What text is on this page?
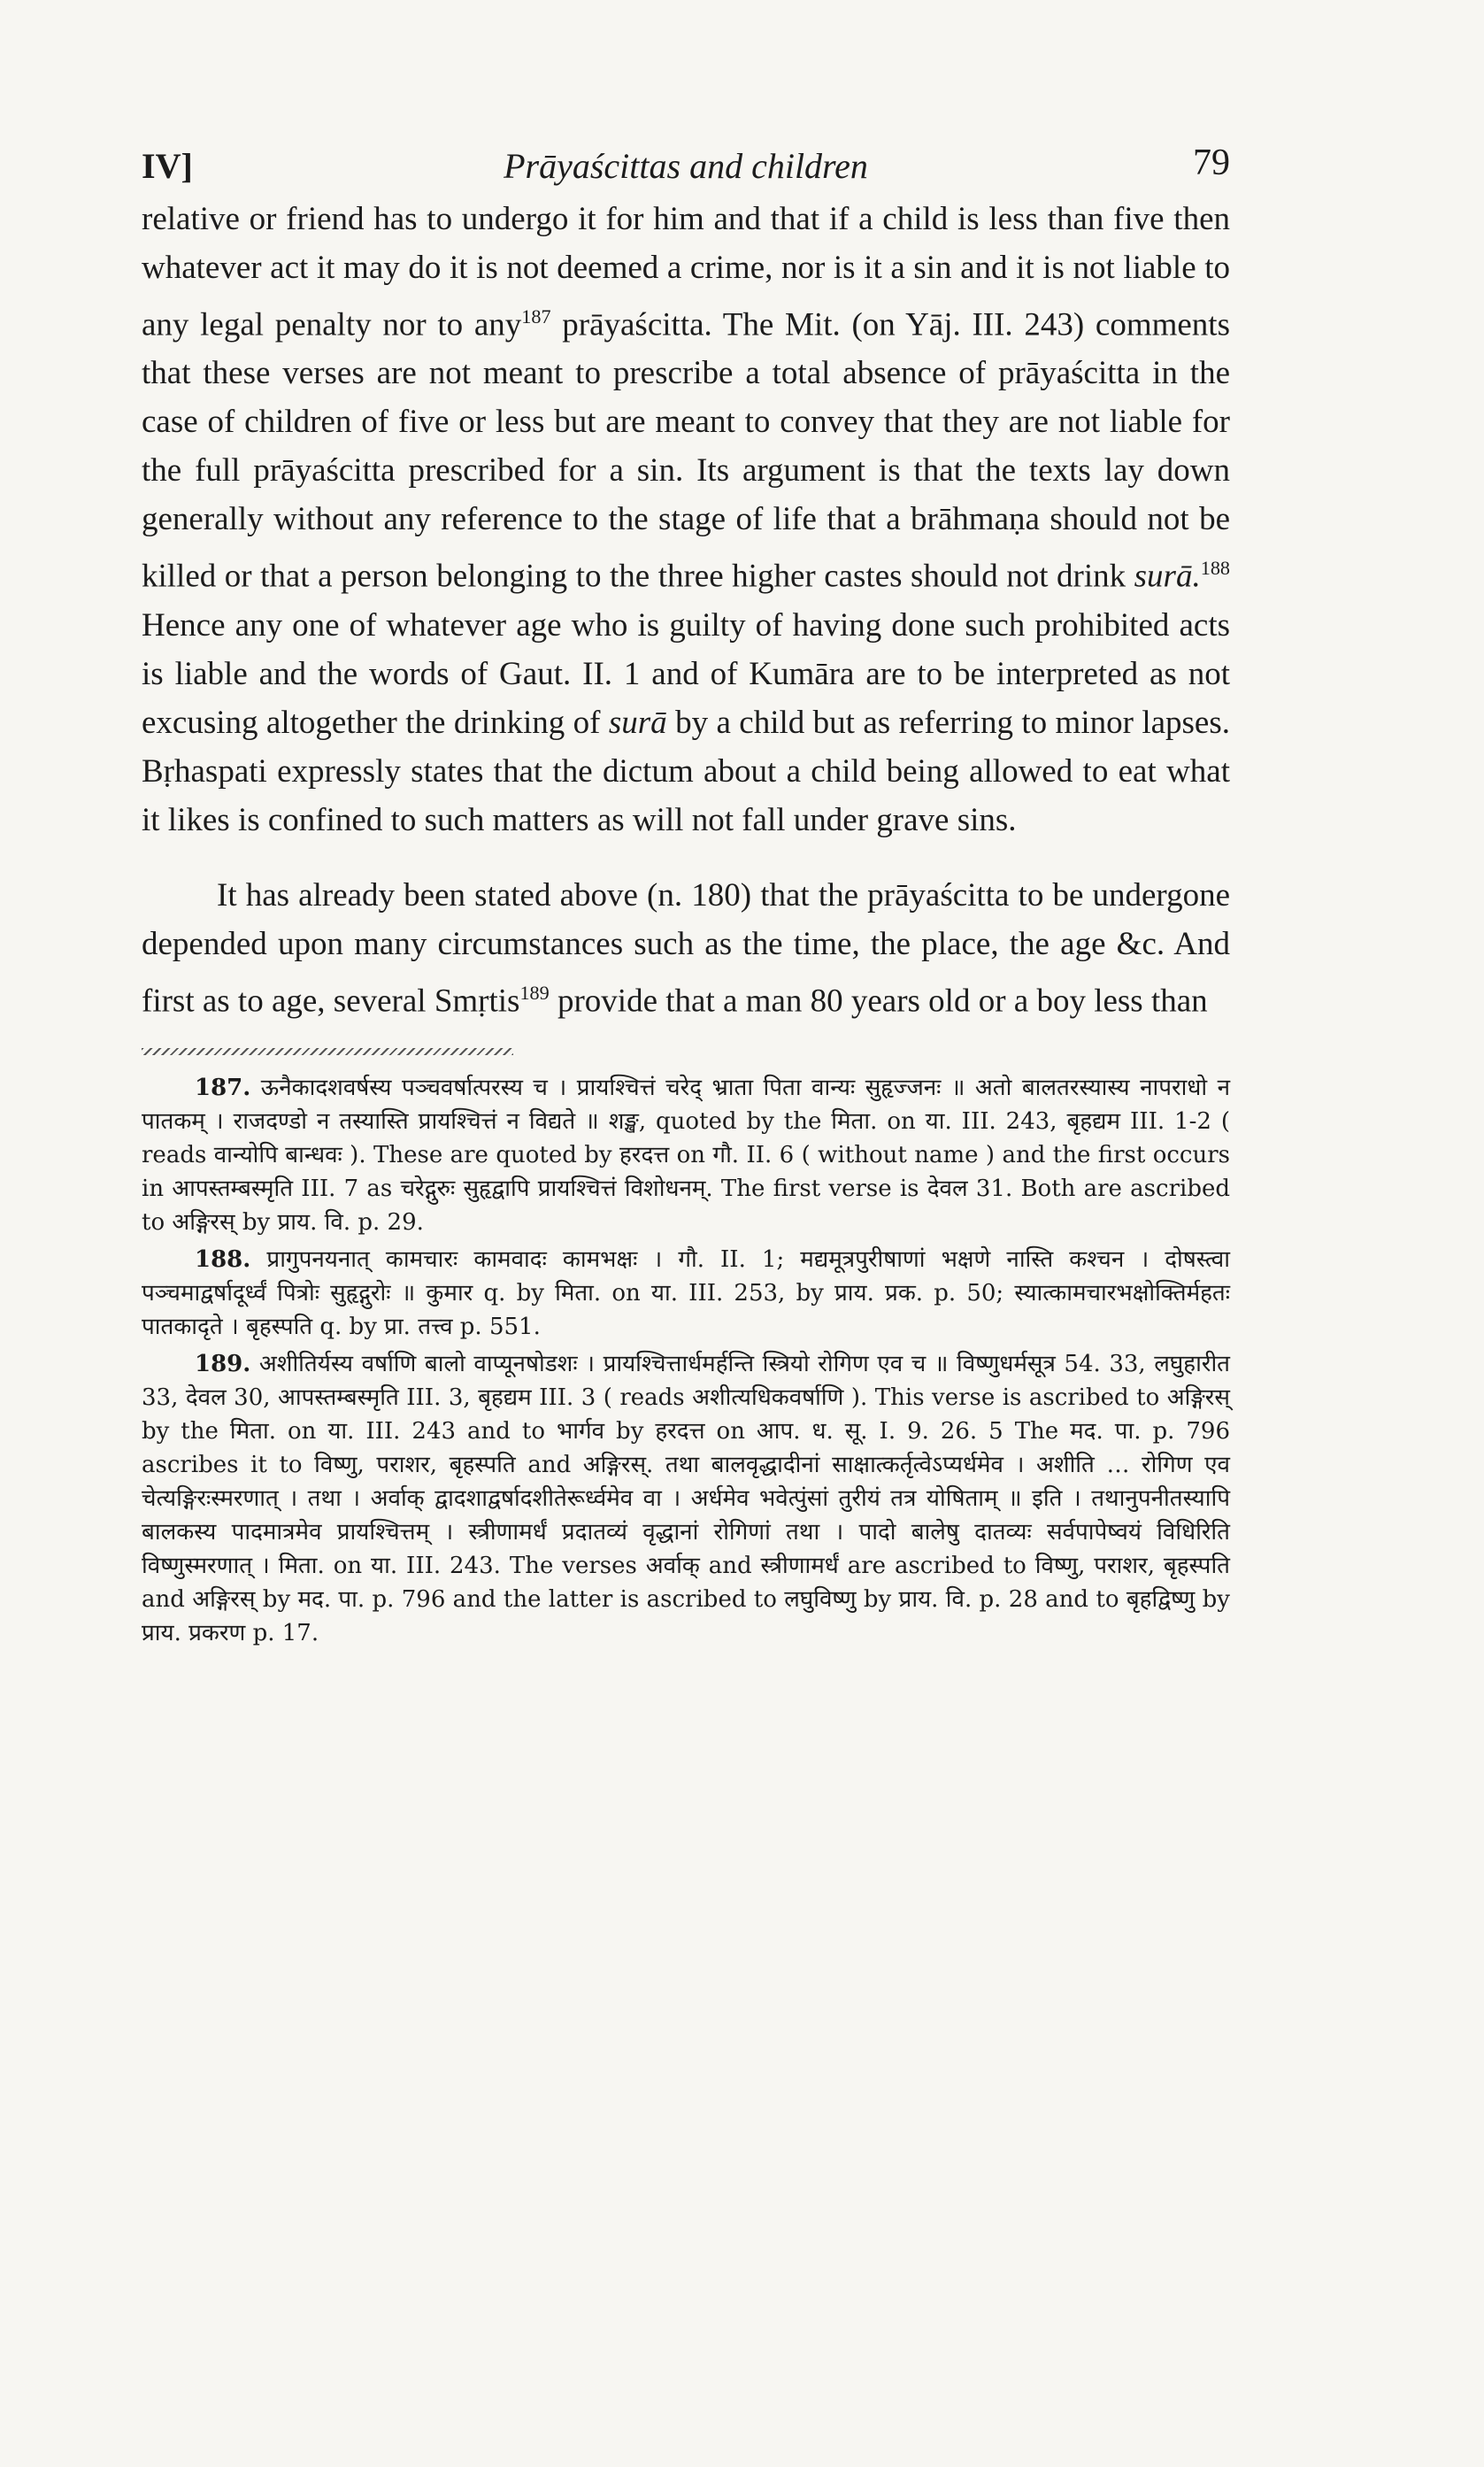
IV]	Prāyaścittas and children	79

relative or friend has to undergo it for him and that if a child is less than five then whatever act it may do it is not deemed a crime, nor is it a sin and it is not liable to any legal penalty nor to any$^{187}$ prāyaścitta. The Mit. (on Yāj. III. 243) comments that these verses are not meant to prescribe a total absence of prāyaścitta in the case of children of five or less but are meant to convey that they are not liable for the full prāyaścitta prescribed for a sin. Its argument is that the texts lay down generally without any reference to the stage of life that a brāhmaṇa should not be killed or that a person belonging to the three higher castes should not drink surā.$^{188}$ Hence any one of whatever age who is guilty of having done such prohibited acts is liable and the words of Gaut. II. 1 and of Kumāra are to be interpreted as not excusing altogether the drinking of surā by a child but as referring to minor lapses. Bṛhaspati expressly states that the dictum about a child being allowed to eat what it likes is confined to such matters as will not fall under grave sins.

It has already been stated above (n. 180) that the prāyaścitta to be undergone depended upon many circumstances such as the time, the place, the age &c. And first as to age, several Smṛtis$^{189}$ provide that a man 80 years old or a boy less than

187. ऊनैकादशवर्षस्य पञ्चवर्षात्परस्य च । प्रायश्चित्तं चरेद् भ्राता पिता वान्यः सुहृज्जनः ॥ अतो बालतरस्यास्य नापराधो न पातकम् । राजदण्डो न तस्यास्ति प्रायश्चित्तं न विद्यते ॥ शङ्ख, quoted by the मिता. on या. III. 243, बृहद्यम III. 1-2 ( reads वान्योपि बान्धवः ). These are quoted by हरदत्त on गौ. II. 6 ( without name ) and the first occurs in आपस्तम्बस्मृति III. 7 as चरेद्गुरुः सुहृद्वापि प्रायश्चित्तं विशोधनम्. The first verse is देवल 31. Both are ascribed to अङ्गिरस् by प्राय. वि. p. 29.

188. प्रागुपनयनात् कामचारः कामवादः कामभक्षः । गौ. II. 1; मद्यमूत्रपुरीषाणां भक्षणे नास्ति कश्चन । दोषस्त्वा पञ्चमाद्वर्षादूर्ध्वं पित्रोः सुहृद्गुरोः ॥ कुमार q. by मिता. on या. III. 253, by प्राय. प्रक. p. 50; स्यात्कामचारभक्षोक्तिर्महतः पातकादृते । बृहस्पति q. by प्रा. तत्त्व p. 551.

189. अशीतिर्यस्य वर्षाणि बालो वाप्यूनषोडशः । प्रायश्चित्तार्धमर्हन्ति स्त्रियो रोगिण एव च ॥ विष्णुधर्मसूत्र 54. 33, लघुहारीत 33, देवल 30, आपस्तम्बस्मृति III. 3, बृहद्यम III. 3 ( reads अशीत्यधिकवर्षाणि ). This verse is ascribed to अङ्गिरस् by the मिता. on या. III. 243 and to भार्गव by हरदत्त on आप. ध. सू. I. 9. 26. 5 The मद. पा. p. 796 ascribes it to विष्णु, पराशर, बृहस्पति and अङ्गिरस्. तथा बालवृद्धादीनां साक्षात्कर्तृत्वेऽप्यर्धमेव । अशीति … रोगिण एव चेत्यङ्गिरःस्मरणात् । तथा । अर्वाक् द्वादशाद्वर्षादशीतेरूर्ध्वमेव वा । अर्धमेव भवेत्पुंसां तुरीयं तत्र योषिताम् ॥ इति । तथानुपनीतस्यापि बालकस्य पादमात्रमेव प्रायश्चित्तम् । स्त्रीणामर्धं प्रदातव्यं वृद्धानां रोगिणां तथा । पादो बालेषु दातव्यः सर्वपापेष्वयं विधिरिति विष्णुस्मरणात् । मिता. on या. III. 243. The verses अर्वाक् and स्त्रीणामर्धं are ascribed to विष्णु, पराशर, बृहस्पति and अङ्गिरस् by मद. पा. p. 796 and the latter is ascribed to लघुविष्णु by प्राय. वि. p. 28 and to बृहद्विष्णु by प्राय. प्रकरण p. 17.
